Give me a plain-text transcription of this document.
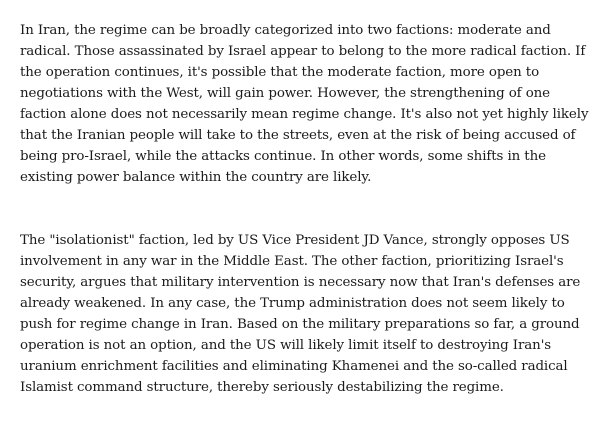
In Iran, the regime can be broadly categorized into two factions: moderate and radical. Those assassinated by Israel appear to belong to the more radical faction. If the operation continues, it's possible that the moderate faction, more open to negotiations with the West, will gain power. However, the strengthening of one faction alone does not necessarily mean regime change. It's also not yet highly likely that the Iranian people will take to the streets, even at the risk of being accused of being pro-Israel, while the attacks continue. In other words, some shifts in the existing power balance within the country are likely.

The "isolationist" faction, led by US Vice President JD Vance, strongly opposes US involvement in any war in the Middle East. The other faction, prioritizing Israel's security, argues that military intervention is necessary now that Iran's defenses are already weakened. In any case, the Trump administration does not seem likely to push for regime change in Iran. Based on the military preparations so far, a ground operation is not an option, and the US will likely limit itself to destroying Iran's uranium enrichment facilities and eliminating Khamenei and the so-called radical Islamist command structure, thereby seriously destabilizing the regime.
